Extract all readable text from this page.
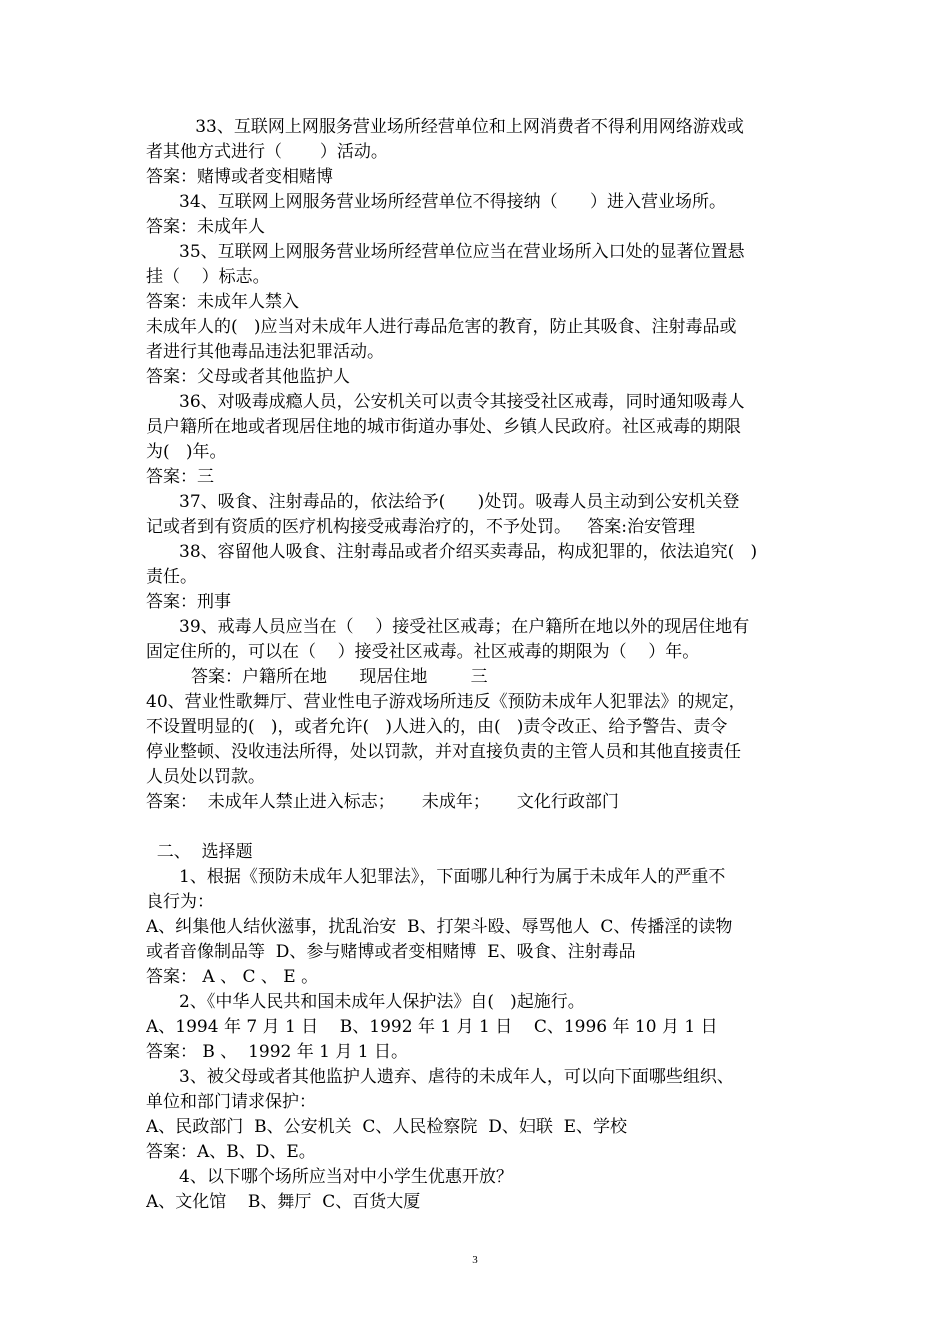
33、互联网上网服务营业场所经营单位和上网消费者不得利用网络游戏或
者其他方式进行（       ）活动。
答案：赌博或者变相赌博
34、互联网上网服务营业场所经营单位不得接纳（      ）进入营业场所。
答案：未成年人
35、互联网上网服务营业场所经营单位应当在营业场所入口处的显著位置悬
挂（    ）标志。
答案：未成年人禁入
未成年人的(   )应当对未成年人进行毒品危害的教育，防止其吸食、注射毒品或
者进行其他毒品违法犯罪活动。
答案：父母或者其他监护人
36、对吸毒成瘾人员，公安机关可以责令其接受社区戒毒，同时通知吸毒人
员户籍所在地或者现居住地的城市街道办事处、乡镇人民政府。社区戒毒的期限
为(   )年。
答案：三
37、吸食、注射毒品的，依法给予(      )处罚。吸毒人员主动到公安机关登
记或者到有资质的医疗机构接受戒毒治疗的，不予处罚。   答案:治安管理
38、容留他人吸食、注射毒品或者介绍买卖毒品，构成犯罪的，依法追究(   )
责任。
答案：刑事
39、戒毒人员应当在（    ）接受社区戒毒；在户籍所在地以外的现居住地有
固定住所的，可以在（    ）接受社区戒毒。社区戒毒的期限为（    ）年。
答案：户籍所在地      现居住地        三
40、营业性歌舞厅、营业性电子游戏场所违反《预防未成年人犯罪法》的规定，
不设置明显的(   )，或者允许(   )人进入的，由(   )责令改正、给予警告、责令
停业整顿、没收违法所得，处以罚款，并对直接负责的主管人员和其他直接责任
人员处以罚款。
答案：  未成年人禁止进入标志；     未成年；     文化行政部门
二、  选择题
1、根据《预防未成年人犯罪法》，下面哪儿种行为属于未成年人的严重不
良行为：
A、纠集他人结伙滋事，扰乱治安  B、打架斗殴、辱骂他人  C、传播淫的读物
或者音像制品等  D、参与赌博或者变相赌博  E、吸食、注射毒品
答案： A 、 C 、 E 。
2、《中华人民共和国未成年人保护法》自(   )起施行。
A、1994 年 7 月 1 日    B、1992 年 1 月 1 日    C、1996 年 10 月 1 日
答案： B 、  1992 年 1 月 1 日。
3、被父母或者其他监护人遗弃、虐待的未成年人，可以向下面哪些组织、
单位和部门请求保护：
A、民政部门  B、公安机关  C、人民检察院  D、妇联  E、学校
答案：A、B、D、E。
4、以下哪个场所应当对中小学生优惠开放？
A、文化馆    B、舞厅  C、百货大厦
3
